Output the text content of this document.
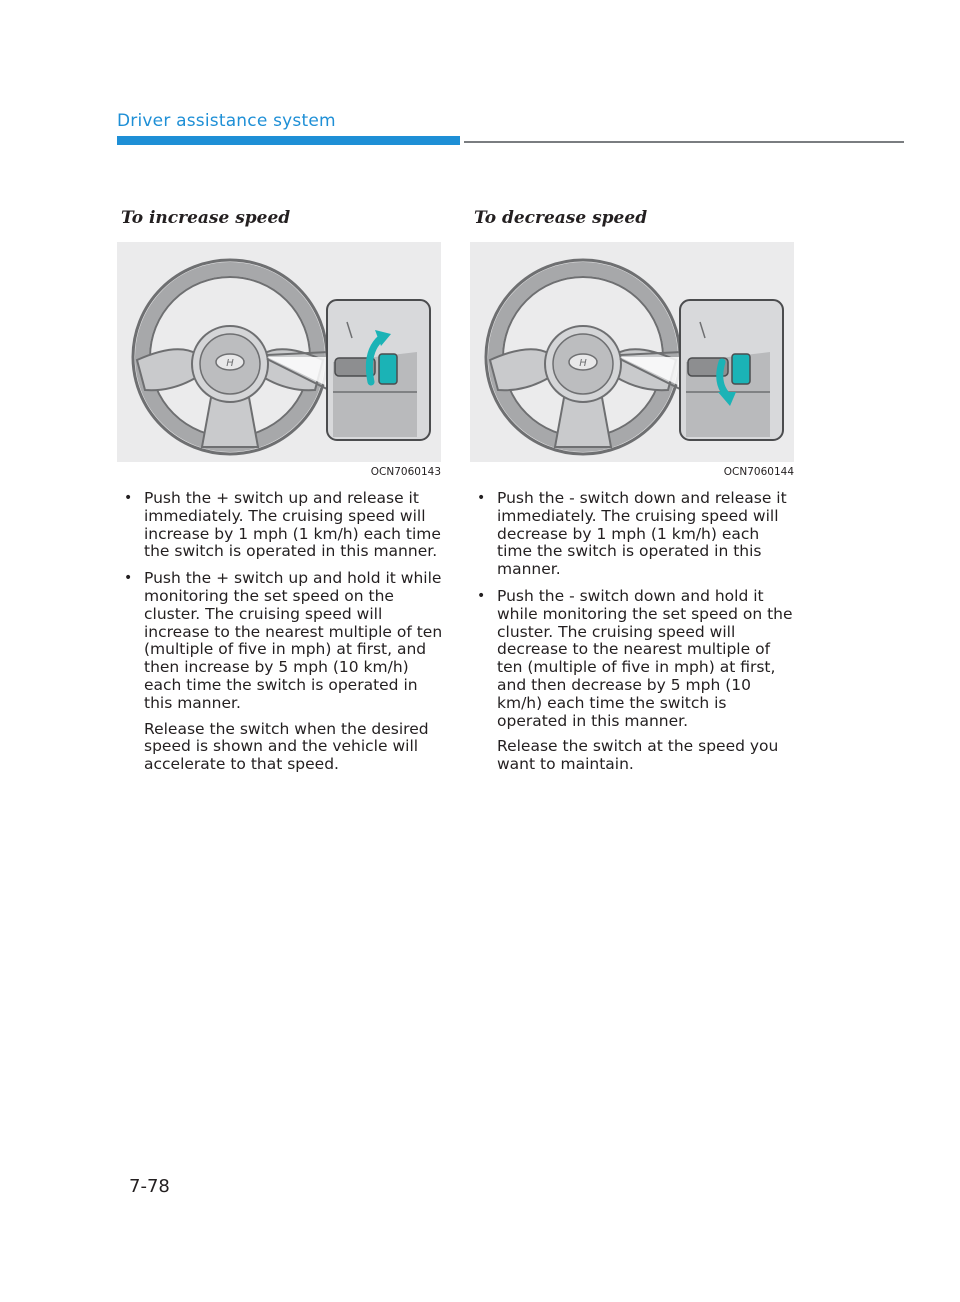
Driver assistance system
To increase speed
H
OCN7060143
• Push the + switch up and release it immediately. The cruising speed will increase by 1 mph (1 km/h) each time the switch is operated in this manner.

• Push the + switch up and hold it while monitoring the set speed on the cluster. The cruising speed will increase to the nearest multiple of ten (multiple of five in mph) at first, and then increase by 5 mph (10 km/h) each time the switch is operated in this manner.

Release the switch when the desired speed is shown and the vehicle will accelerate to that speed.

To decrease speed
H
OCN7060144
• Push the - switch down and release it immediately. The cruising speed will decrease by 1 mph (1 km/h) each time the switch is operated in this manner.

• Push the - switch down and hold it while monitoring the set speed on the cluster. The cruising speed will decrease to the nearest multiple of ten (multiple of five in mph) at first, and then decrease by 5 mph (10 km/h) each time the switch is operated in this manner.

Release the switch at the speed you want to maintain.

7-78
